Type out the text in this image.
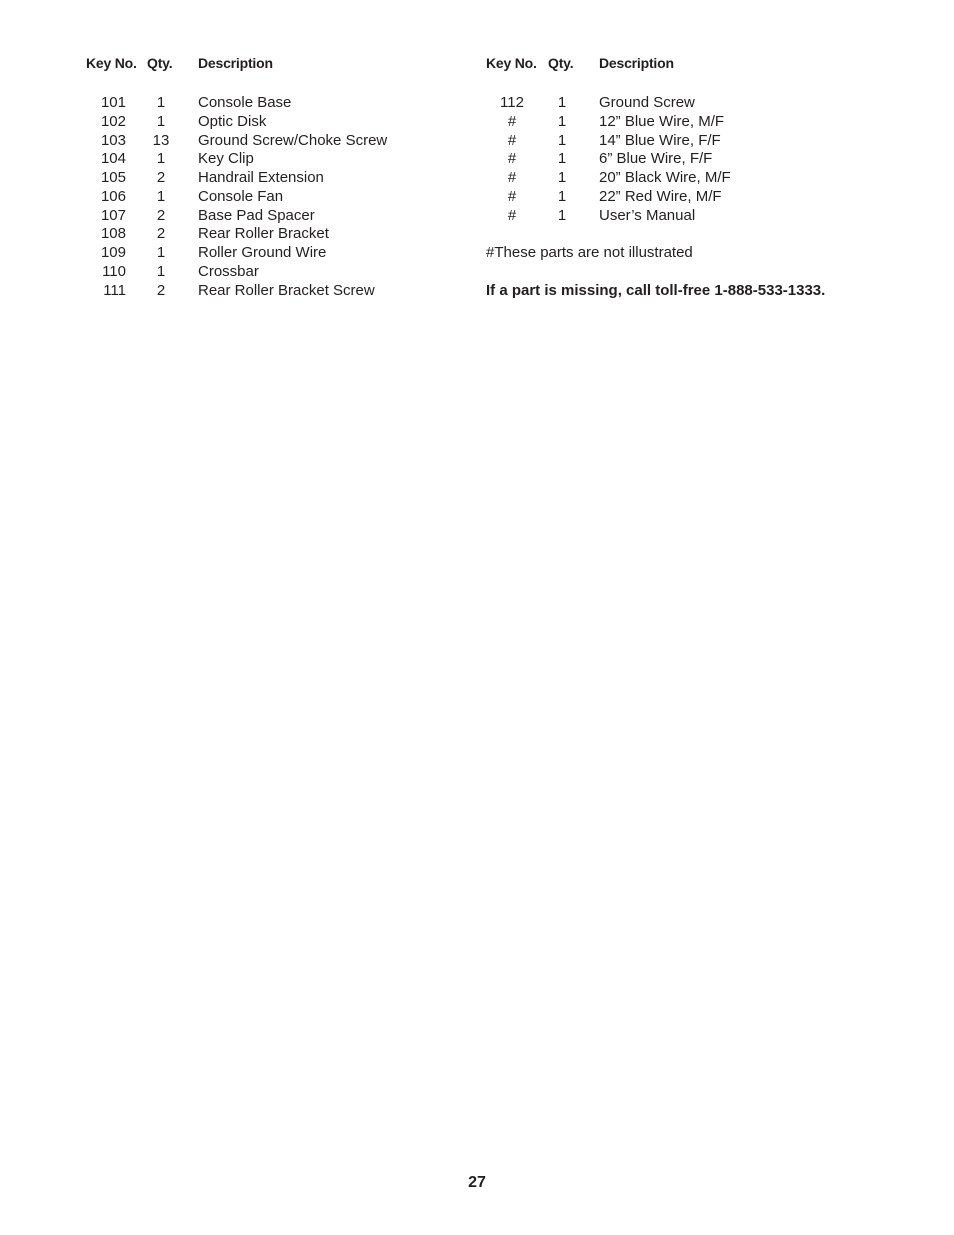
Key No. Qty. Description
101	1	Console Base
102	1	Optic Disk
103	13	Ground Screw/Choke Screw
104	1	Key Clip
105	2	Handrail Extension
106	1	Console Fan
107	2	Base Pad Spacer
108	2	Rear Roller Bracket
109	1	Roller Ground Wire
110	1	Crossbar
111	2	Rear Roller Bracket Screw
Key No. Qty. Description
112	1	Ground Screw
#	1	12” Blue Wire, M/F
#	1	14” Blue Wire, F/F
#	1	6” Blue Wire, F/F
#	1	20” Black Wire, M/F
#	1	22” Red Wire, M/F
#	1	User’s Manual
#These parts are not illustrated
If a part is missing, call toll-free 1-888-533-1333.
27
